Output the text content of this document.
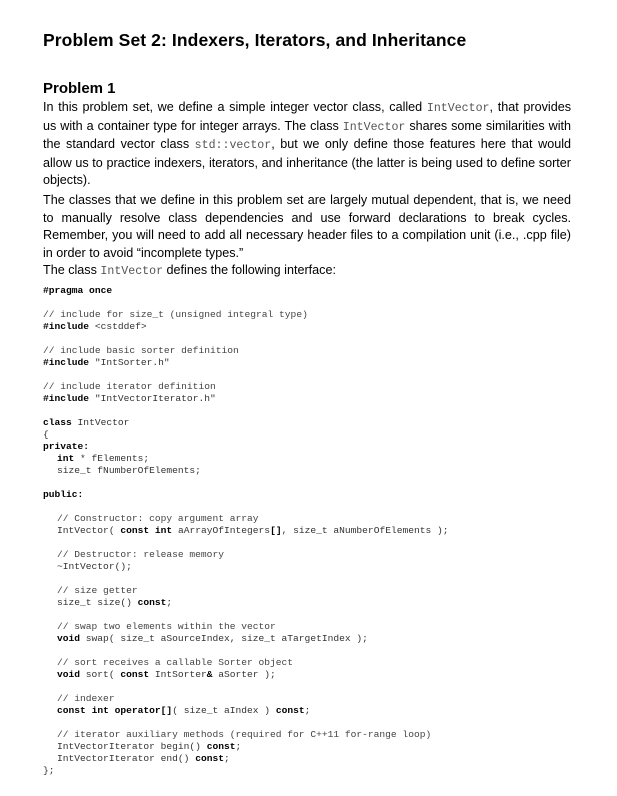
Problem Set 2: Indexers, Iterators, and Inheritance
Problem 1

In this problem set, we define a simple integer vector class, called IntVector, that provides us with a container type for integer arrays. The class IntVector shares some similarities with the standard vector class std::vector, but we only define those features here that would allow us to practice indexers, iterators, and inheritance (the latter is being used to define sorter objects).

The classes that we define in this problem set are largely mutual dependent, that is, we need to manually resolve class dependencies and use forward declarations to break cycles. Remember, you will need to add all necessary header files to a compilation unit (i.e., .cpp file) in order to avoid “incomplete types.”

The class IntVector defines the following interface:

#pragma once
// include for size_t (unsigned integral type)
#include <cstddef>
// include basic sorter definition
#include "IntSorter.h"
// include iterator definition
#include "IntVectorIterator.h"
class IntVector
{
private:
int * fElements;
size_t fNumberOfElements;
public:
// Constructor: copy argument array
IntVector( const int aArrayOfIntegers[], size_t aNumberOfElements );
// Destructor: release memory
~IntVector();
// size getter
size_t size() const;
// swap two elements within the vector
void swap( size_t aSourceIndex, size_t aTargetIndex );
// sort receives a callable Sorter object
void sort( const IntSorter& aSorter );
// indexer
const int operator[]( size_t aIndex ) const;
// iterator auxiliary methods (required for C++11 for-range loop)
IntVectorIterator begin() const;
IntVectorIterator end() const;
};
